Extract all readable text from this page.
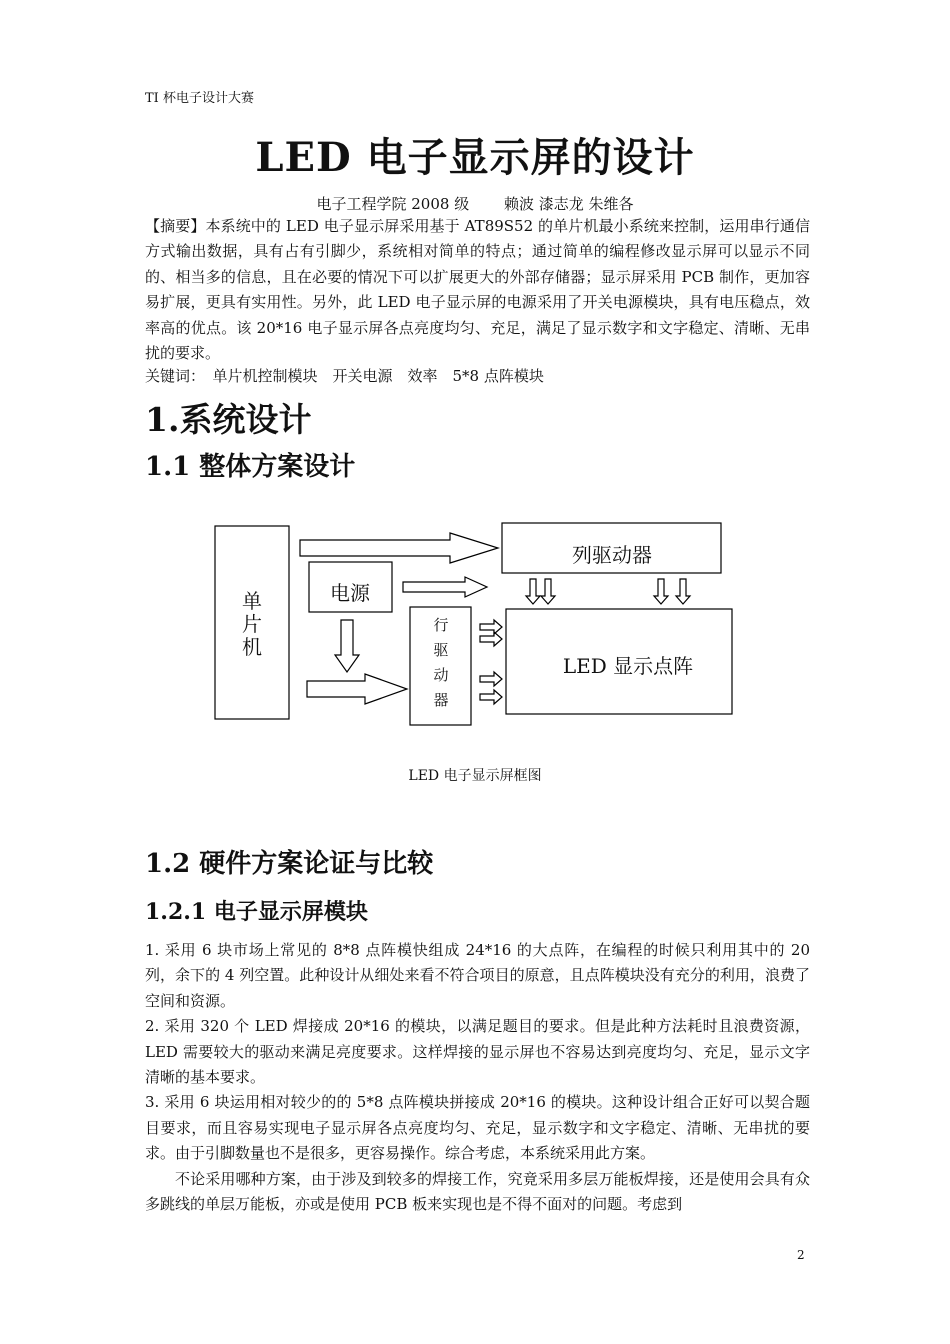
TI 杯电子设计大赛
LED 电子显示屏的设计
电子工程学院 2008 级 　　赖波 漆志龙 朱维各
【摘要】本系统中的 LED 电子显示屏采用基于 AT89S52 的单片机最小系统来控制，运用串行通信方式输出数据，具有占有引脚少，系统相对简单的特点；通过简单的编程修改显示屏可以显示不同的、相当多的信息，且在必要的情况下可以扩展更大的外部存储器；显示屏采用 PCB 制作，更加容易扩展，更具有实用性。另外，此 LED 电子显示屏的电源采用了开关电源模块，具有电压稳点，效率高的优点。该 20*16 电子显示屏各点亮度均匀、充足，满足了显示数字和文字稳定、清晰、无串扰的要求。
关键词：　单片机控制模块　开关电源　效率　5*8 点阵模块
1.系统设计
1.1 整体方案设计
单
片
机
电源
列驱动器
行
驱
动
器
LED 显示点阵
LED 电子显示屏框图
1.2 硬件方案论证与比较
1.2.1 电子显示屏模块

1. 采用 6 块市场上常见的 8*8 点阵模快组成 24*16 的大点阵，在编程的时候只利用其中的 20 列，余下的 4 列空置。此种设计从细处来看不符合项目的原意，且点阵模块没有充分的利用，浪费了空间和资源。

2. 采用 320 个 LED 焊接成 20*16 的模块，以满足题目的要求。但是此种方法耗时且浪费资源，LED 需要较大的驱动来满足亮度要求。这样焊接的显示屏也不容易达到亮度均匀、充足，显示文字清晰的基本要求。

3. 采用 6 块运用相对较少的的 5*8 点阵模块拼接成 20*16 的模块。这种设计组合正好可以契合题目要求，而且容易实现电子显示屏各点亮度均匀、充足，显示数字和文字稳定、清晰、无串扰的要求。由于引脚数量也不是很多，更容易操作。综合考虑，本系统采用此方案。

不论采用哪种方案，由于涉及到较多的焊接工作，究竟采用多层万能板焊接，还是使用会具有众多跳线的单层万能板，亦或是使用 PCB 板来实现也是不得不面对的问题。考虑到

2
